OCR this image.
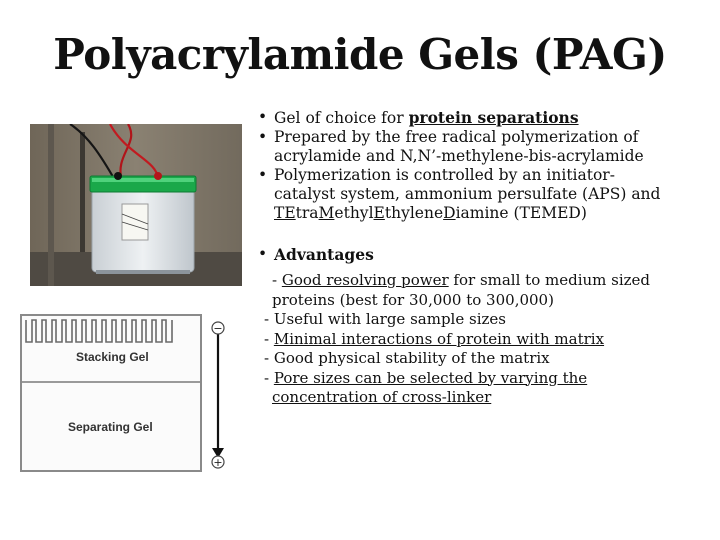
Polyacrylamide Gels (PAG)
• Gel of choice for protein separations
• Prepared by the free radical polymerization of
acrylamide and N,N’-methylene-bis-acrylamide
• Polymerization is controlled by an initiator-
catalyst system, ammonium persulfate (APS) and
TEtraMethylEthyleneDiamine (TEMED)
• Advantages
- Good resolving power for small to medium sized
proteins (best for 30,000 to 300,000)
- Useful with large sample sizes
- Minimal interactions of protein with matrix
- Good physical stability of the matrix
- Pore sizes can be selected by varying the
concentration of cross-linker
−
+
Stacking Gel
Separating Gel
